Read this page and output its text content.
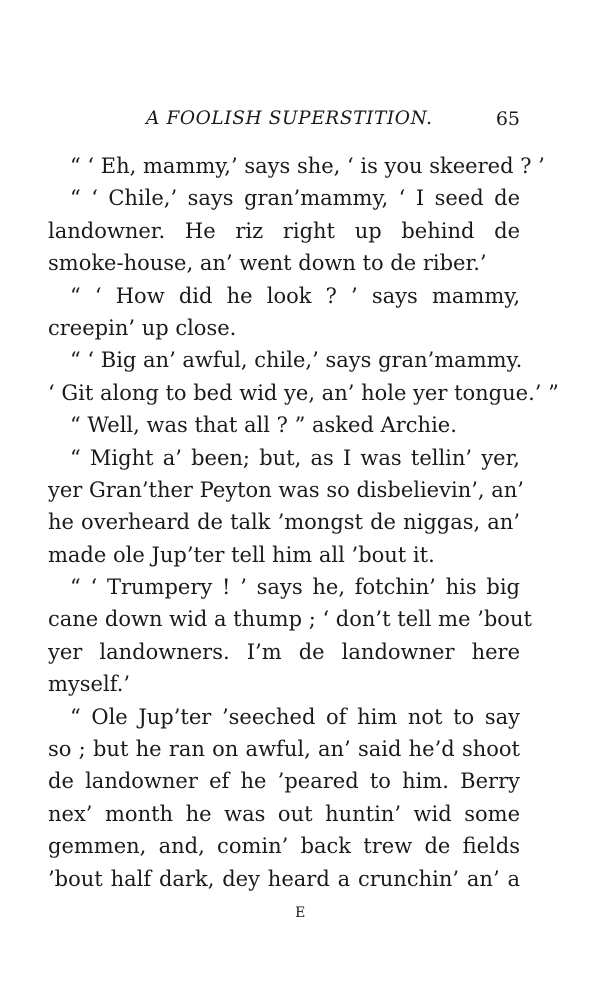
A FOOLISH SUPERSTITION.	65
“ ‘ Eh, mammy,’ says she, ‘ is you skeered ? ’
“ ‘ Chile,’ says gran’mammy, ‘ I seed de
landowner. He riz right up behind de
smoke-house, an’ went down to de riber.’
“ ‘ How did he look ? ’ says mammy,
creepin’ up close.
“ ‘ Big an’ awful, chile,’ says gran’mammy.
‘ Git along to bed wid ye, an’ hole yer tongue.’ ”
“ Well, was that all ? ” asked Archie.
“ Might a’ been; but, as I was tellin’ yer,
yer Gran’ther Peyton was so disbelievin’, an’
he overheard de talk ’mongst de niggas, an’
made ole Jup’ter tell him all ’bout it.
“ ‘ Trumpery ! ’ says he, fotchin’ his big
cane down wid a thump ; ‘ don’t tell me ’bout
yer landowners. I’m de landowner here
myself.’
“ Ole Jup’ter ’seeched of him not to say
so ; but he ran on awful, an’ said he’d shoot
de landowner ef he ’peared to him. Berry
nex’ month he was out huntin’ wid some
gemmen, and, comin’ back trew de fields
’bout half dark, dey heard a crunchin’ an’ a
E
